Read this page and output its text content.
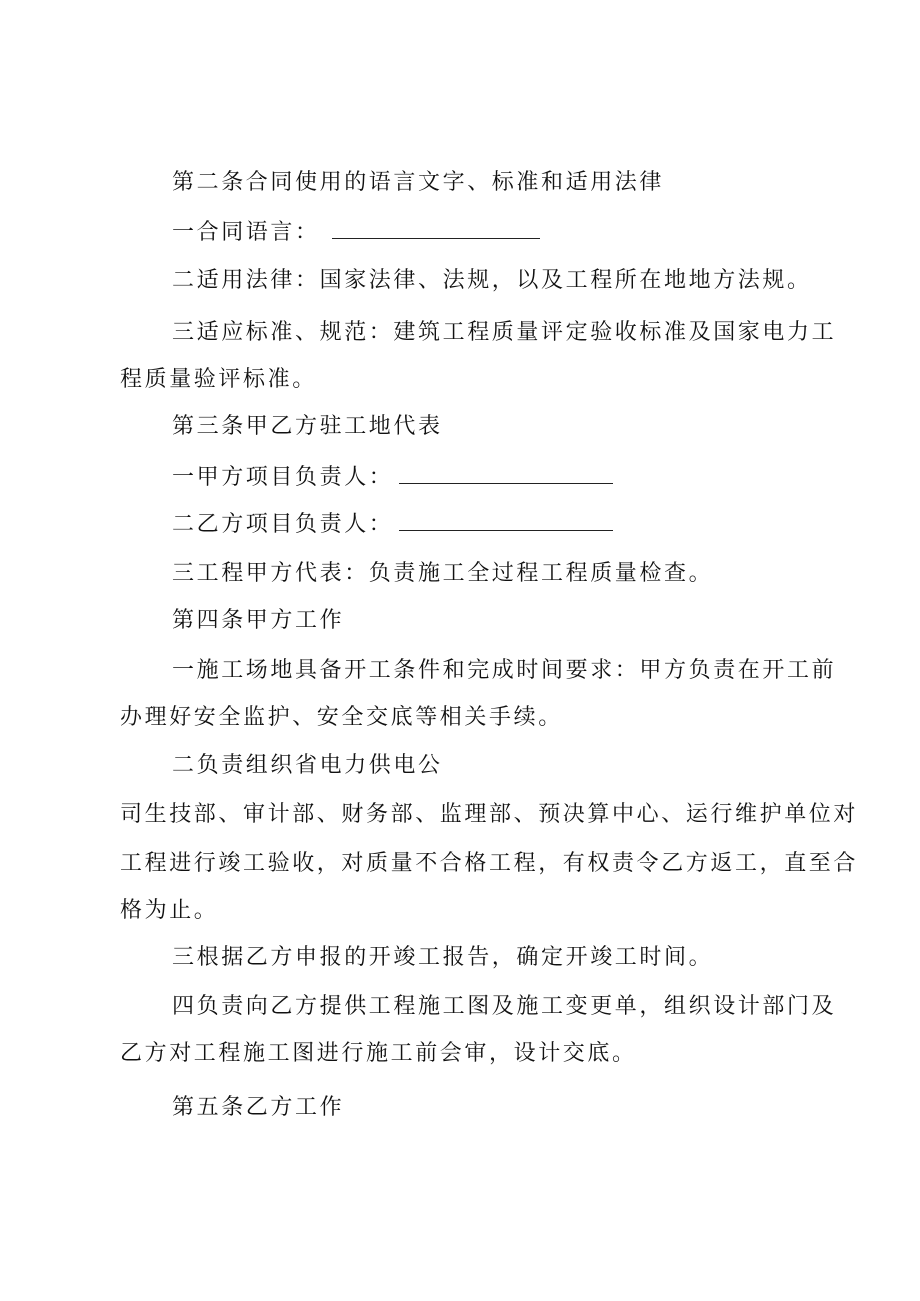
第二条合同使用的语言文字、标准和适用法律
一合同语言：
二适用法律：国家法律、法规，以及工程所在地地方法规。
三适应标准、规范：建筑工程质量评定验收标准及国家电力工
程质量验评标准。
第三条甲乙方驻工地代表
一甲方项目负责人：
二乙方项目负责人：
三工程甲方代表：负责施工全过程工程质量检查。
第四条甲方工作
一施工场地具备开工条件和完成时间要求：甲方负责在开工前
办理好安全监护、安全交底等相关手续。
二负责组织省电力供电公
司生技部、审计部、财务部、监理部、预决算中心、运行维护单位对
工程进行竣工验收，对质量不合格工程，有权责令乙方返工，直至合
格为止。
三根据乙方申报的开竣工报告，确定开竣工时间。
四负责向乙方提供工程施工图及施工变更单，组织设计部门及
乙方对工程施工图进行施工前会审，设计交底。
第五条乙方工作
